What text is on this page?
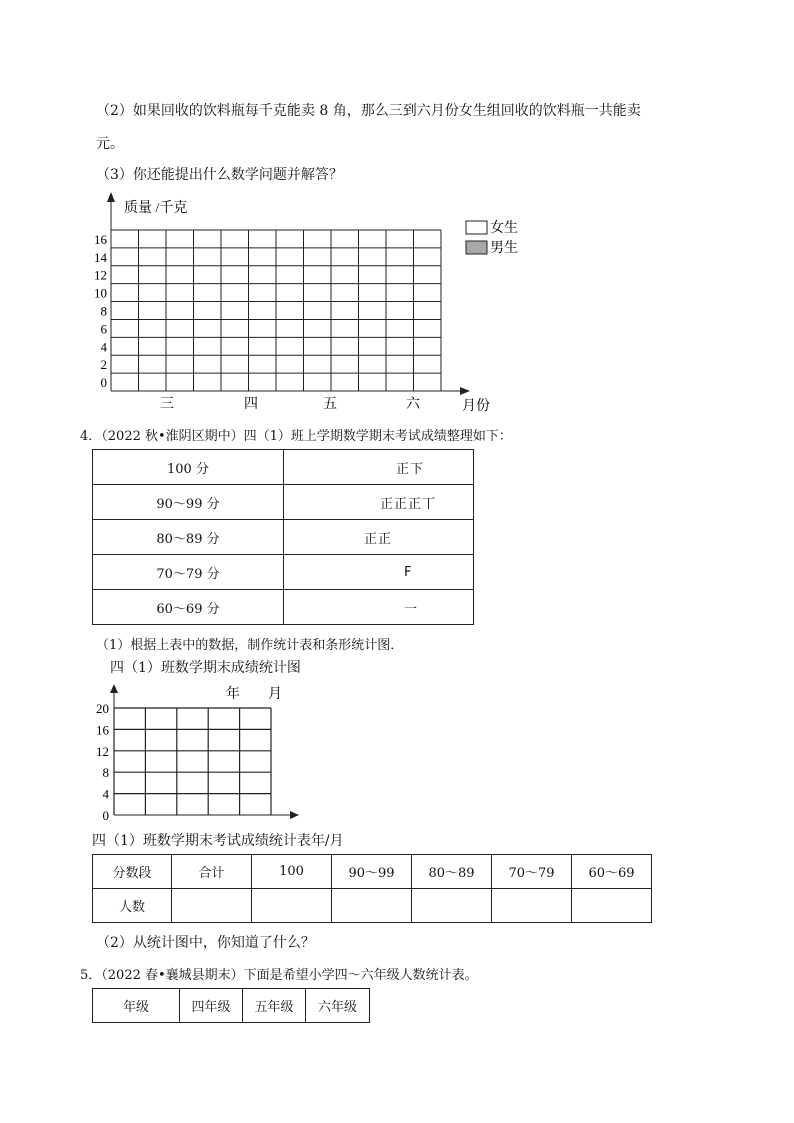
（2）如果回收的饮料瓶每千克能卖 8 角，那么三到六月份女生组回收的饮料瓶一共能卖
元。
（3）你还能提出什么数学问题并解答？
16
14
12
10
8
6
4
2
0
三	四	五	六
质量 /千克
月份
女生
男生
4．（2022 秋•淮阴区期中）四（1）班上学期数学期末考试成绩整理如下：
100 分	正下
90～99 分	正正正丅
80～89 分	正正
70～79 分	F
60～69 分	一
（1）根据上表中的数据，制作统计表和条形统计图．
四（1）班数学期末成绩统计图
20
16
12
8
4
0
年　　月
四（1）班数学期末考试成绩统计表年/月
分数段	合计	100	90～99	80～89	70～79	60～69
人数						
（2）从统计图中，你知道了什么？
5．（2022 春•襄城县期末）下面是希望小学四～六年级人数统计表。
年级	四年级	五年级	六年级
